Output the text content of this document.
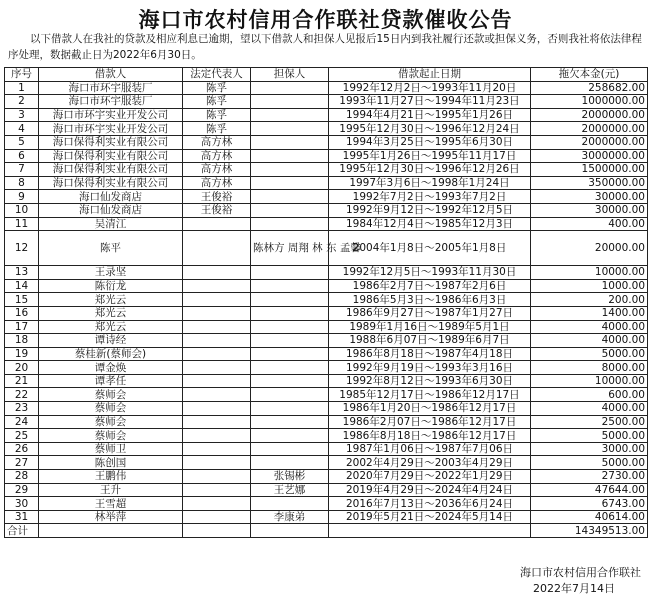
海口市农村信用合作联社贷款催收公告
以下借款人在我社的贷款及相应利息已逾期，望以下借款人和担保人见报后15日内到我社履行还款或担保义务，否则我社将依法律程序处理，数据截止日为2022年6月30日。
序号	借款人	法定代表人	担保人	借款起止日期	拖欠本金(元)
1	海口市环宇服装厂	陈孚		1992年12月2日～1993年11月20日	258682.00
2	海口市环宇服装厂	陈孚		1993年11月27日～1994年11月23日	1000000.00
3	海口市环宇实业开发公司	陈孚		1994年4月21日～1995年1月26日	2000000.00
4	海口市环宇实业开发公司	陈孚		1995年12月30日～1996年12月24日	2000000.00
5	海口保得利实业有限公司	高方林		1994年3月25日～1995年6月30日	2000000.00
6	海口保得利实业有限公司	高方林		1995年1月26日～1995年11月17日	3000000.00
7	海口保得利实业有限公司	高方林		1995年12月30日～1996年12月26日	1500000.00
8	海口保得利实业有限公司	高方林		1997年3月6日～1998年1月24日	350000.00
9	海口仙发商店	王俊裕		1992年7月2日～1993年7月2日	30000.00
10	海口仙发商店	王俊裕		1992年9月12日～1992年12月5日	30000.00
11	吴清江			1984年12月4日～1985年12月3日	400.00
12	陈平		陈林方 周翔 林 东 孟馨	2004年1月8日～2005年1月8日	20000.00
13	王录坚			1992年12月5日～1993年11月30日	10000.00
14	陈衍龙			1986年2月7日～1987年2月6日	1000.00
15	郑光云			1986年5月3日～1986年6月3日	200.00
16	郑光云			1986年9月27日～1987年1月27日	1400.00
17	郑光云			1989年1月16日～1989年5月1日	4000.00
18	谭诗经			1988年6月07日～1989年6月7日	4000.00
19	蔡桂新(蔡师会)			1986年8月18日～1987年4月18日	5000.00
20	谭金焕			1992年9月19日～1993年3月16日	8000.00
21	谭孝任			1992年8月12日～1993年6月30日	10000.00
22	蔡师会			1985年12月17日～1986年12月17日	600.00
23	蔡师会			1986年1月20日～1986年12月17日	4000.00
24	蔡师会			1986年2月07日～1986年12月17日	2500.00
25	蔡师会			1986年8月18日～1986年12月17日	5000.00
26	蔡师卫			1987年1月06日～1987年7月06日	3000.00
27	陈创国			2002年4月29日～2003年4月29日	5000.00
28	王鹏伟		张锡彬	2020年7月29日～2022年1月29日	2730.00
29	王升		王艺娜	2019年4月29日～2024年4月24日	47644.00
30	王雪超			2016年7月13日～2036年6月24日	6743.00
31	林举萍		李康弟	2019年5月21日～2024年5月14日	40614.00
合计					14349513.00
海口市农村信用合作联社
2022年7月14日
